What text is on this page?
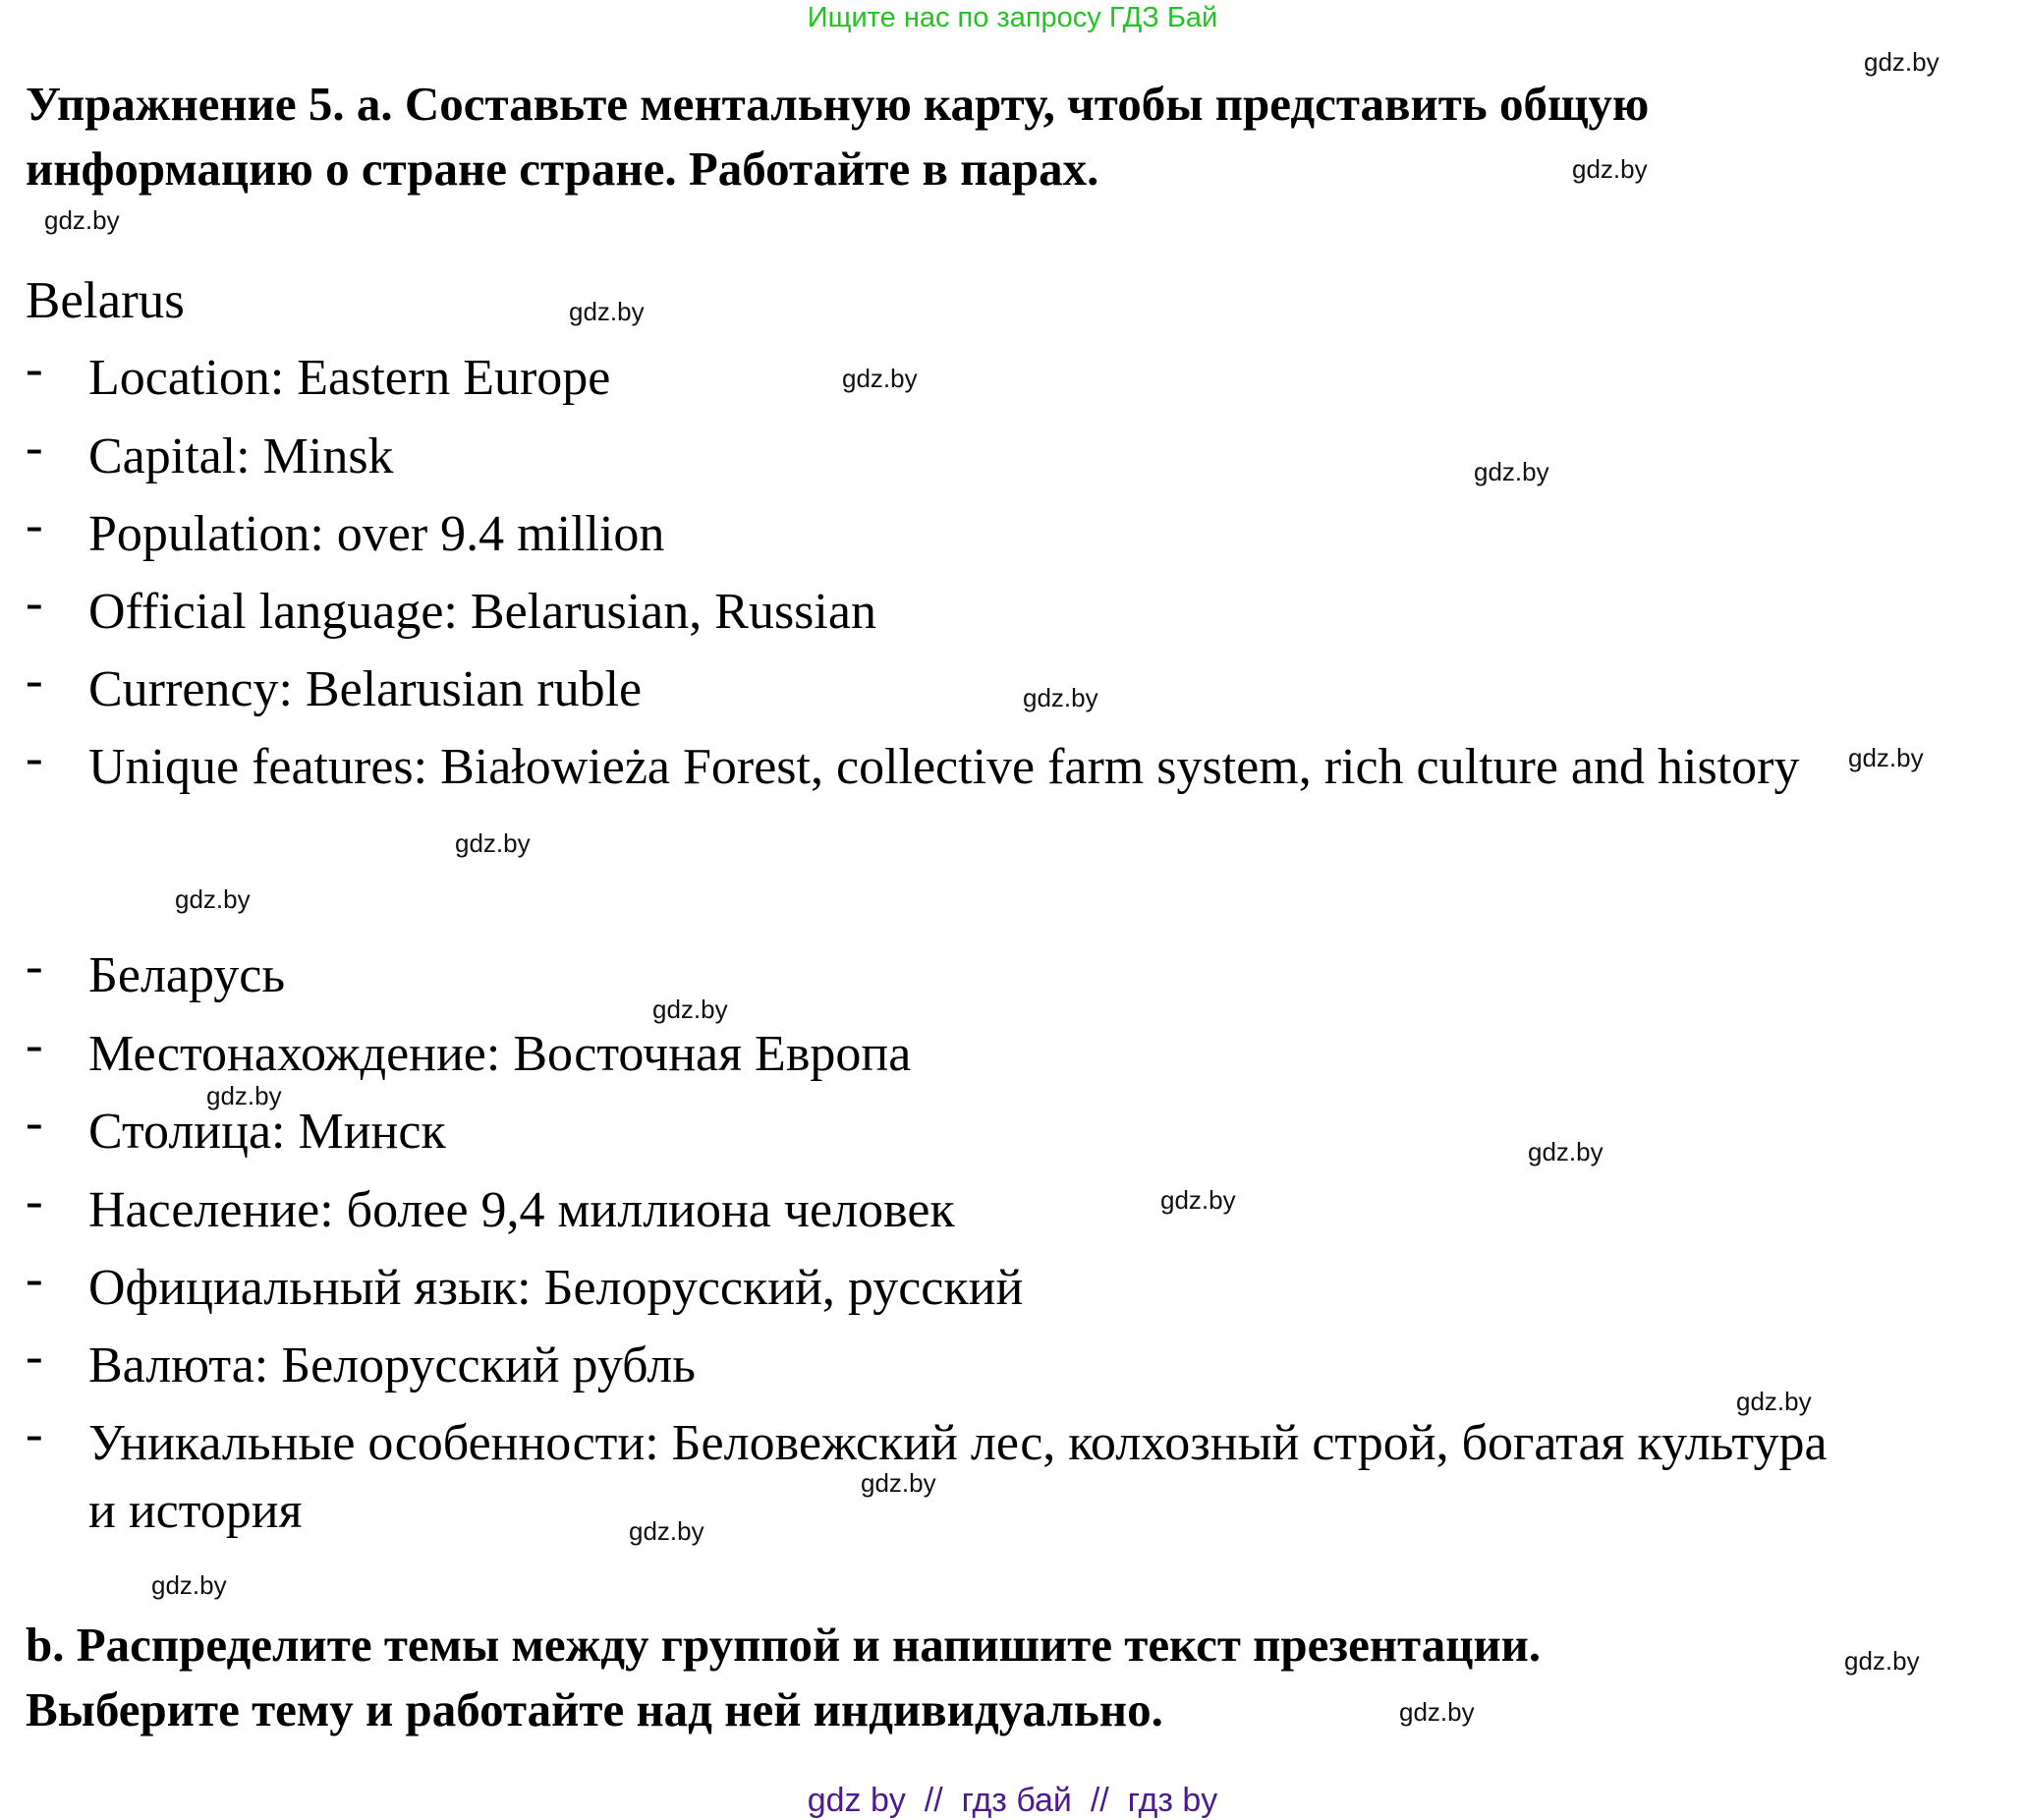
Ищите нас по запросу ГДЗ Бай
Упражнение 5. a. Составьте ментальную карту, чтобы представить общую
информацию о стране стране. Работайте в парах.
Belarus
- Location: Eastern Europe
- Capital: Minsk
- Population: over 9.4 million
- Official language: Belarusian, Russian
- Currency: Belarusian ruble
- Unique features: Białowieża Forest, collective farm system, rich culture and history
- Беларусь
- Местонахождение: Восточная Европа
- Столица: Минск
- Население: более 9,4 миллиона человек
- Официальный язык: Белорусский, русский
- Валюта: Белорусский рубль
- Уникальные особенности: Беловежский лес, колхозный строй, богатая культура и история
b. Распределите темы между группой и напишите текст презентации.
Выберите тему и работайте над ней индивидуально.
gdz.by
gdz.by
gdz.by
gdz.by
gdz.by
gdz.by
gdz.by
gdz.by
gdz.by
gdz.by
gdz.by
gdz.by
gdz.by
gdz.by
gdz.by
gdz.by
gdz.by
gdz.by
gdz.by
gdz.by
gdz by  //  гдз бай  //  гдз by
